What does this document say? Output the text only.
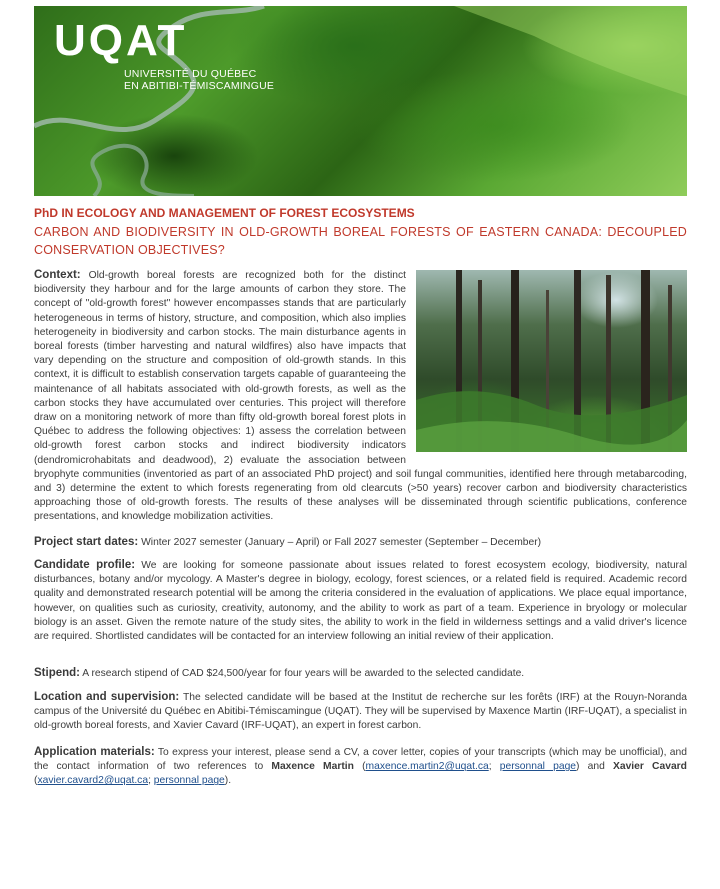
UQAT
UNIVERSITÉ DU QUÉBEC
EN ABITIBI-TÉMISCAMINGUE
PhD IN ECOLOGY AND MANAGEMENT OF FOREST ECOSYSTEMS
CARBON AND BIODIVERSITY IN OLD-GROWTH BOREAL FORESTS OF EASTERN CANADA: DECOUPLED CONSERVATION OBJECTIVES?
Context: Old-growth boreal forests are recognized both for the distinct biodiversity they harbour and for the large amounts of carbon they store. The concept of "old-growth forest" however encompasses stands that are particularly heterogeneous in terms of history, structure, and composition, which also implies heterogeneity in biodiversity and carbon stocks. The main disturbance agents in boreal forests (timber harvesting and natural wildfires) also have impacts that vary depending on the structure and composition of old-growth stands. In this context, it is difficult to establish conservation targets capable of guaranteeing the maintenance of all habitats associated with old-growth forests, as well as the carbon stocks they have accumulated over centuries. This project will therefore draw on a monitoring network of more than fifty old-growth boreal forest plots in Québec to address the following objectives: 1) assess the correlation between old-growth forest carbon stocks and indirect biodiversity indicators (dendromicrohabitats and deadwood), 2) evaluate the association between bryophyte communities (inventoried as part of an associated PhD project) and soil fungal communities, identified here through metabarcoding, and 3) determine the extent to which forests regenerating from old clearcuts (>50 years) recover carbon and biodiversity characteristics approaching those of old-growth forests. The results of these analyses will be disseminated through scientific publications, conference presentations, and knowledge mobilization activities.
Project start dates: Winter 2027 semester (January – April) or Fall 2027 semester (September – December)
Candidate profile: We are looking for someone passionate about issues related to forest ecosystem ecology, biodiversity, natural disturbances, botany and/or mycology. A Master's degree in biology, ecology, forest sciences, or a related field is required. Academic record quality and demonstrated research potential will be among the criteria considered in the evaluation of applications. We place equal importance, however, on qualities such as curiosity, creativity, autonomy, and the ability to work as part of a team. Experience in bryology or molecular biology is an asset. Given the remote nature of the study sites, the ability to work in the field in wilderness settings and a valid driver's licence are required. Shortlisted candidates will be contacted for an interview following an initial review of their application.
Stipend: A research stipend of CAD $24,500/year for four years will be awarded to the selected candidate.
Location and supervision: The selected candidate will be based at the Institut de recherche sur les forêts (IRF) at the Rouyn-Noranda campus of the Université du Québec en Abitibi-Témiscamingue (UQAT). They will be supervised by Maxence Martin (IRF-UQAT), a specialist in old-growth boreal forests, and Xavier Cavard (IRF-UQAT), an expert in forest carbon.
Application materials: To express your interest, please send a CV, a cover letter, copies of your transcripts (which may be unofficial), and the contact information of two references to Maxence Martin (maxence.martin2@uqat.ca; personnal page) and Xavier Cavard (xavier.cavard2@uqat.ca; personnal page).
